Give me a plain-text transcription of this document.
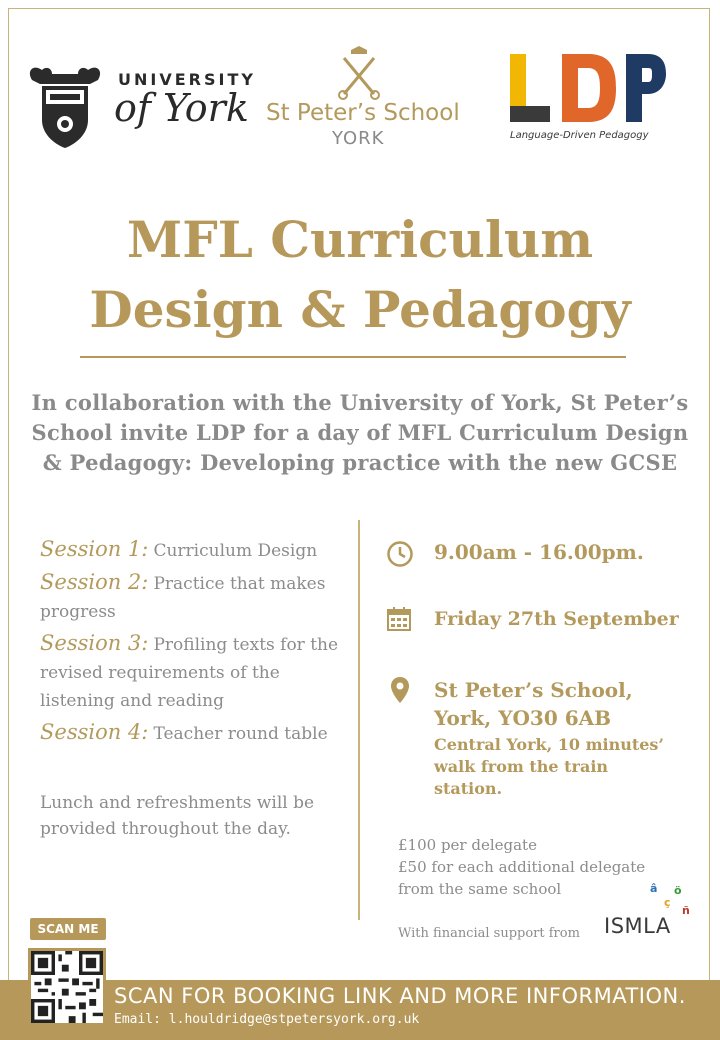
UNIVERSITY
of York St Peter’s School
YORK	Language-Driven Pedagogy
MFL Curriculum
Design & Pedagogy
In collaboration with the University of York, St Peter’s
School invite LDP for a day of MFL Curriculum Design
& Pedagogy: Developing practice with the new GCSE

Session 1: Curriculum Design

Session 2: Practice that makes progress

Session 3: Profiling texts for the revised requirements of the listening and reading

Session 4: Teacher round table

Lunch and refreshments will be provided throughout the day.
9.00am - 16.00pm.
Friday 27th September
St Peter’s School,
York, YO30 6AB
Central York, 10 minutes’
walk from the train
station.
£100 per delegate
£50 for each additional delegate
from the same school
With financial support from
â ö
ç
ñ
ISMLA
SCAN ME
SCAN FOR BOOKING LINK AND MORE INFORMATION.
Email: l.houldridge@stpetersyork.org.uk
